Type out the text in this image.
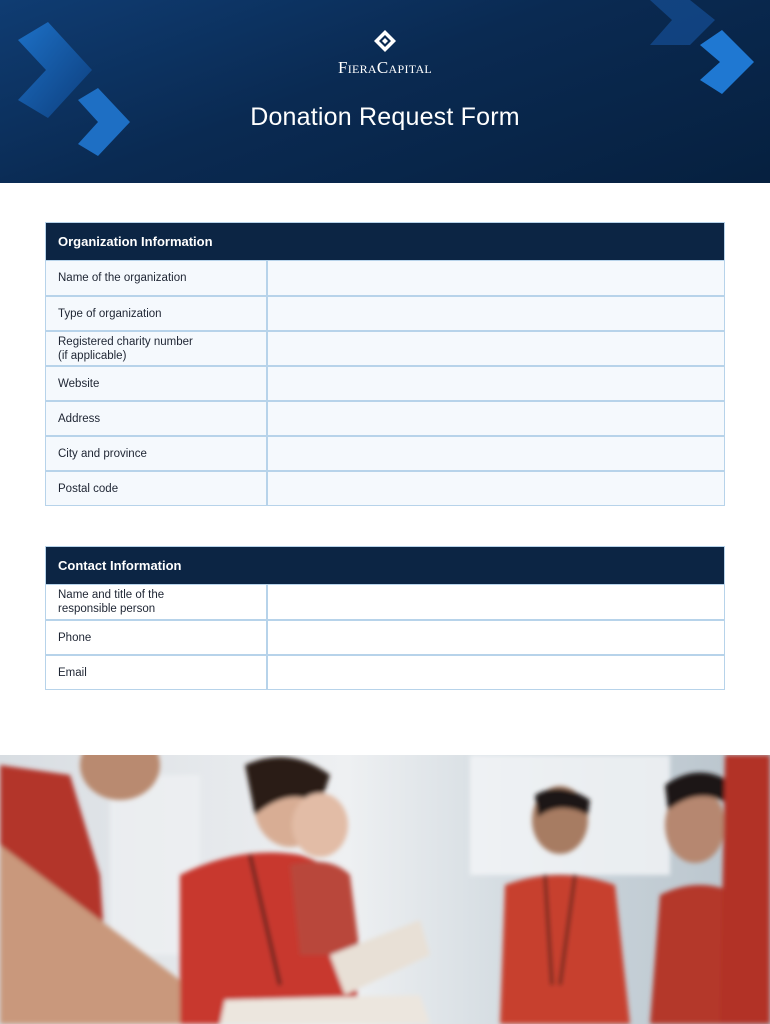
FIERACAPITAL
Donation Request Form
Organization Information
Name of the organization
Type of organization
Registered charity number
(if applicable)
Website
Address
City and province
Postal code
Contact Information
Name and title of the
responsible person
Phone
Email
